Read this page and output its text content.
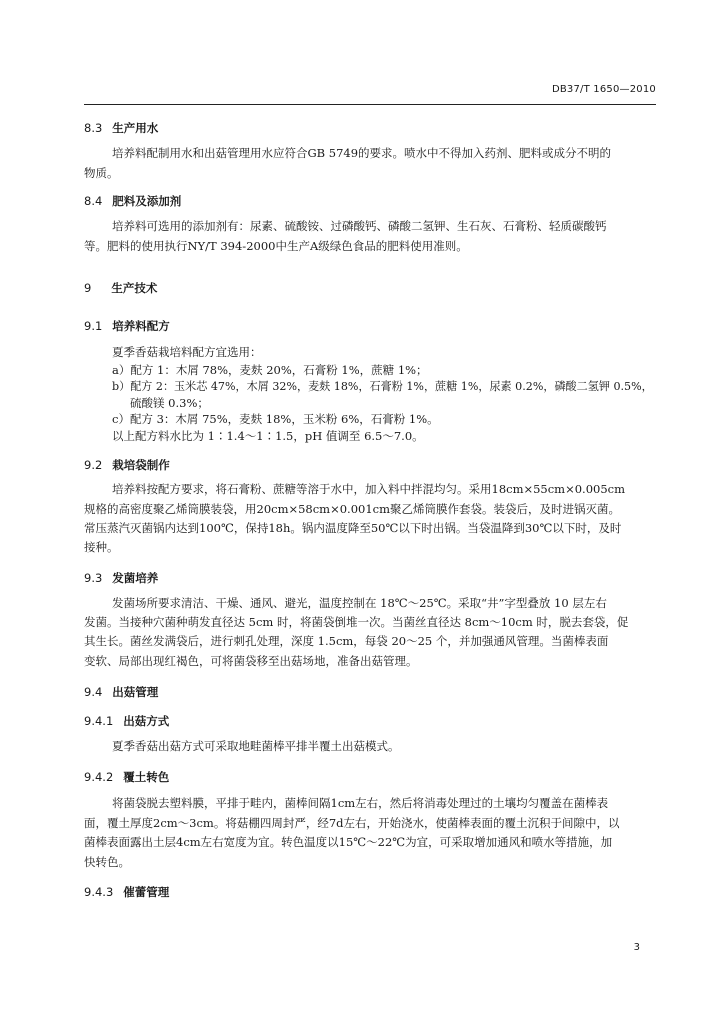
DB37/T 1650—2010
8.3 生产用水
培养料配制用水和出菇管理用水应符合GB 5749的要求。喷水中不得加入药剂、肥料或成分不明的
物质。
8.4 肥料及添加剂
培养料可选用的添加剂有：尿素、硫酸铵、过磷酸钙、磷酸二氢钾、生石灰、石膏粉、轻质碳酸钙
等。肥料的使用执行NY/T 394-2000中生产A级绿色食品的肥料使用准则。
9 生产技术
9.1 培养料配方
夏季香菇栽培料配方宜选用：
a）配方 1：木屑 78%，麦麸 20%，石膏粉 1%，蔗糖 1%；
b）配方 2：玉米芯 47%，木屑 32%，麦麸 18%，石膏粉 1%，蔗糖 1%，尿素 0.2%，磷酸二氢钾 0.5%，
硫酸镁 0.3%；
c）配方 3：木屑 75%，麦麸 18%，玉米粉 6%，石膏粉 1%。
以上配方料水比为 1∶1.4～1∶1.5，pH 值调至 6.5～7.0。
9.2 栽培袋制作
培养料按配方要求，将石膏粉、蔗糖等溶于水中，加入料中拌混均匀。采用18cm×55cm×0.005cm
规格的高密度聚乙烯筒膜装袋，用20cm×58cm×0.001cm聚乙烯筒膜作套袋。装袋后，及时进锅灭菌。
常压蒸汽灭菌锅内达到100℃，保持18h。锅内温度降至50℃以下时出锅。当袋温降到30℃以下时，及时
接种。
9.3 发菌培养
发菌场所要求清洁、干燥、通风、避光，温度控制在 18℃～25℃。采取“井”字型叠放 10 层左右
发菌。当接种穴菌种萌发直径达 5cm 时，将菌袋倒堆一次。当菌丝直径达 8cm～10cm 时，脱去套袋，促
其生长。菌丝发满袋后，进行刺孔处理，深度 1.5cm，每袋 20～25 个，并加强通风管理。当菌棒表面
变软、局部出现红褐色，可将菌袋移至出菇场地，准备出菇管理。
9.4 出菇管理
9.4.1 出菇方式
夏季香菇出菇方式可采取地畦菌棒平排半覆土出菇模式。
9.4.2 覆土转色
将菌袋脱去塑料膜，平排于畦内，菌棒间隔1cm左右，然后将消毒处理过的土壤均匀覆盖在菌棒表
面，覆土厚度2cm～3cm。将菇棚四周封严，经7d左右，开始浇水，使菌棒表面的覆土沉积于间隙中，以
菌棒表面露出土层4cm左右宽度为宜。转色温度以15℃～22℃为宜，可采取增加通风和喷水等措施，加
快转色。
9.4.3 催蕾管理
3
